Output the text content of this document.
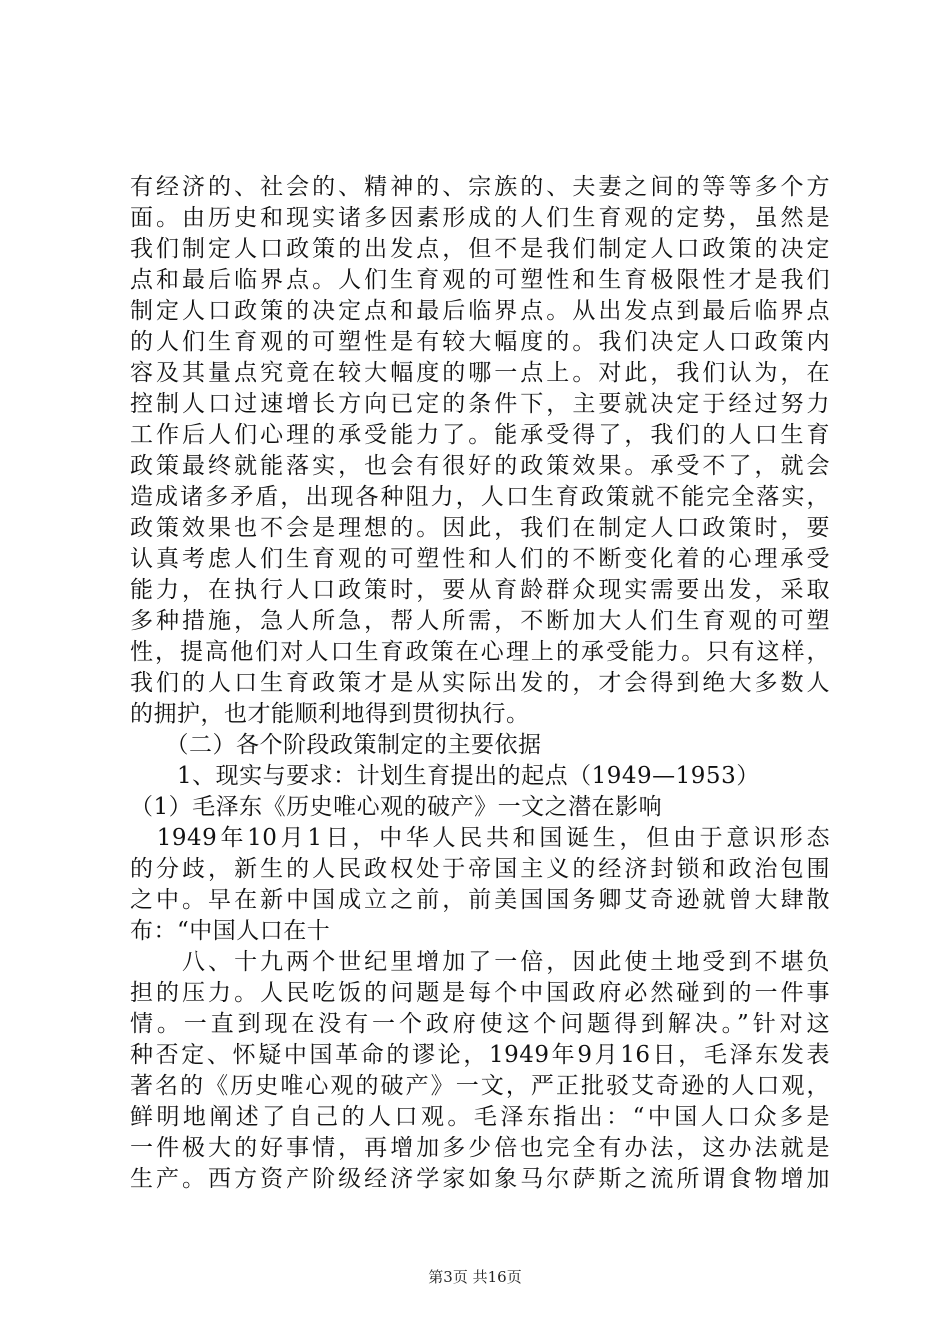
有经济的、社会的、精神的、宗族的、夫妻之间的等等多个方
面。由历史和现实诸多因素形成的人们生育观的定势，虽然是
我们制定人口政策的出发点，但不是我们制定人口政策的决定
点和最后临界点。人们生育观的可塑性和生育极限性才是我们
制定人口政策的决定点和最后临界点。从出发点到最后临界点
的人们生育观的可塑性是有较大幅度的。我们决定人口政策内
容及其量点究竟在较大幅度的哪一点上。对此，我们认为，在
控制人口过速增长方向已定的条件下，主要就决定于经过努力
工作后人们心理的承受能力了。能承受得了，我们的人口生育
政策最终就能落实，也会有很好的政策效果。承受不了，就会
造成诸多矛盾，出现各种阻力，人口生育政策就不能完全落实，
政策效果也不会是理想的。因此，我们在制定人口政策时，要
认真考虑人们生育观的可塑性和人们的不断变化着的心理承受
能力，在执行人口政策时，要从育龄群众现实需要出发，采取
多种措施，急人所急，帮人所需，不断加大人们生育观的可塑
性，提高他们对人口生育政策在心理上的承受能力。只有这样，
我们的人口生育政策才是从实际出发的，才会得到绝大多数人
的拥护，也才能顺利地得到贯彻执行。
　　（二）各个阶段政策制定的主要依据
　　1、现实与要求：计划生育提出的起点（1949—1953）
（1）毛泽东《历史唯心观的破产》一文之潜在影响
　1949年10月1日，中华人民共和国诞生，但由于意识形态
的分歧，新生的人民政权处于帝国主义的经济封锁和政治包围
之中。早在新中国成立之前，前美国国务卿艾奇逊就曾大肆散
布：“中国人口在十
　　八、十九两个世纪里增加了一倍，因此使土地受到不堪负
担的压力。人民吃饭的问题是每个中国政府必然碰到的一件事
情。一直到现在没有一个政府使这个问题得到解决。”针对这
种否定、怀疑中国革命的谬论，1949年9月16日，毛泽东发表
著名的《历史唯心观的破产》一文，严正批驳艾奇逊的人口观，
鲜明地阐述了自己的人口观。毛泽东指出：“中国人口众多是
一件极大的好事情，再增加多少倍也完全有办法，这办法就是
生产。西方资产阶级经济学家如象马尔萨斯之流所谓食物增加
第3页 共16页
